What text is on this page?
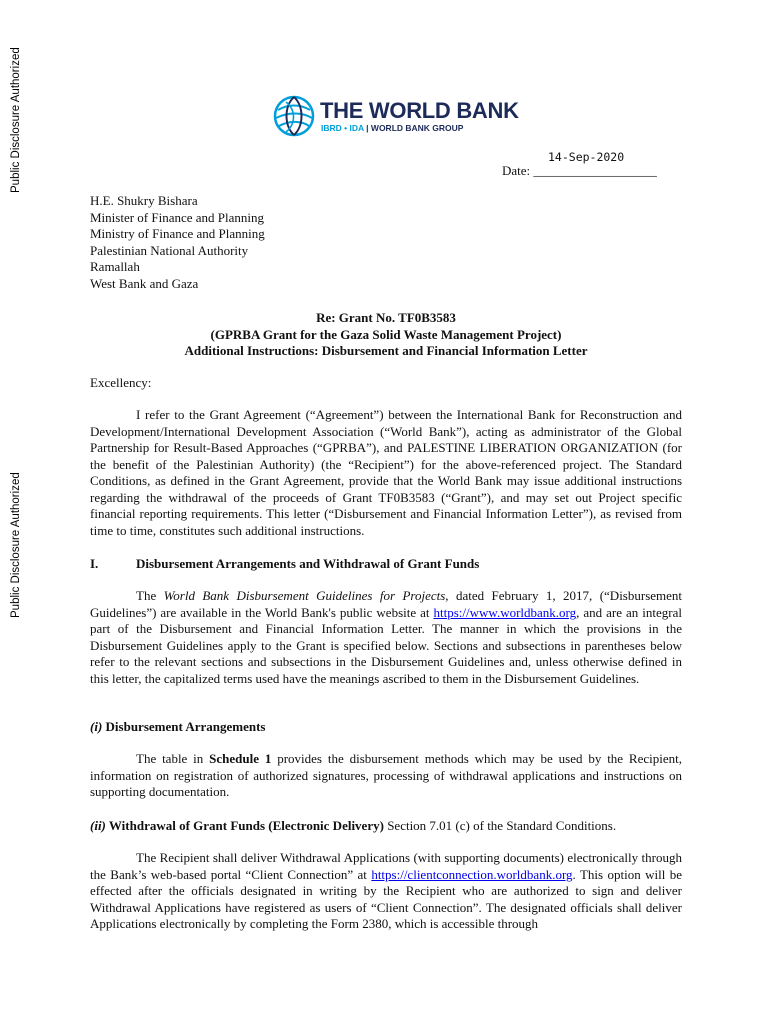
Public Disclosure Authorized
Public Disclosure Authorized
THE WORLD BANK
IBRD • IDA | WORLD BANK GROUP
14-Sep-2020
Date: ___________________
H.E. Shukry Bishara
Minister of Finance and Planning
Ministry of Finance and Planning
Palestinian National Authority
Ramallah
West Bank and Gaza
Re: Grant No. TF0B3583
(GPRBA Grant for the Gaza Solid Waste Management Project)
Additional Instructions: Disbursement and Financial Information Letter
Excellency:
I refer to the Grant Agreement (“Agreement”) between the International Bank for Reconstruction and Development/International Development Association (“World Bank”), acting as administrator of the Global Partnership for Result-Based Approaches (“GPRBA”), and PALESTINE LIBERATION ORGANIZATION (for the benefit of the Palestinian Authority) (the “Recipient”) for the above-referenced project. The Standard Conditions, as defined in the Grant Agreement, provide that the World Bank may issue additional instructions regarding the withdrawal of the proceeds of Grant TF0B3583 (“Grant”), and may set out Project specific financial reporting requirements. This letter (“Disbursement and Financial Information Letter”), as revised from time to time, constitutes such additional instructions.
I.	Disbursement Arrangements and Withdrawal of Grant Funds
The World Bank Disbursement Guidelines for Projects, dated February 1, 2017, (“Disbursement Guidelines”) are available in the World Bank's public website at https://www.worldbank.org, and are an integral part of the Disbursement and Financial Information Letter. The manner in which the provisions in the Disbursement Guidelines apply to the Grant is specified below. Sections and subsections in parentheses below refer to the relevant sections and subsections in the Disbursement Guidelines and, unless otherwise defined in this letter, the capitalized terms used have the meanings ascribed to them in the Disbursement Guidelines.
(i) Disbursement Arrangements
The table in Schedule 1 provides the disbursement methods which may be used by the Recipient, information on registration of authorized signatures, processing of withdrawal applications and instructions on supporting documentation.
(ii) Withdrawal of Grant Funds (Electronic Delivery) Section 7.01 (c) of the Standard Conditions.
The Recipient shall deliver Withdrawal Applications (with supporting documents) electronically through the Bank’s web-based portal “Client Connection” at https://clientconnection.worldbank.org. This option will be effected after the officials designated in writing by the Recipient who are authorized to sign and deliver Withdrawal Applications have registered as users of “Client Connection”. The designated officials shall deliver Applications electronically by completing the Form 2380, which is accessible through
